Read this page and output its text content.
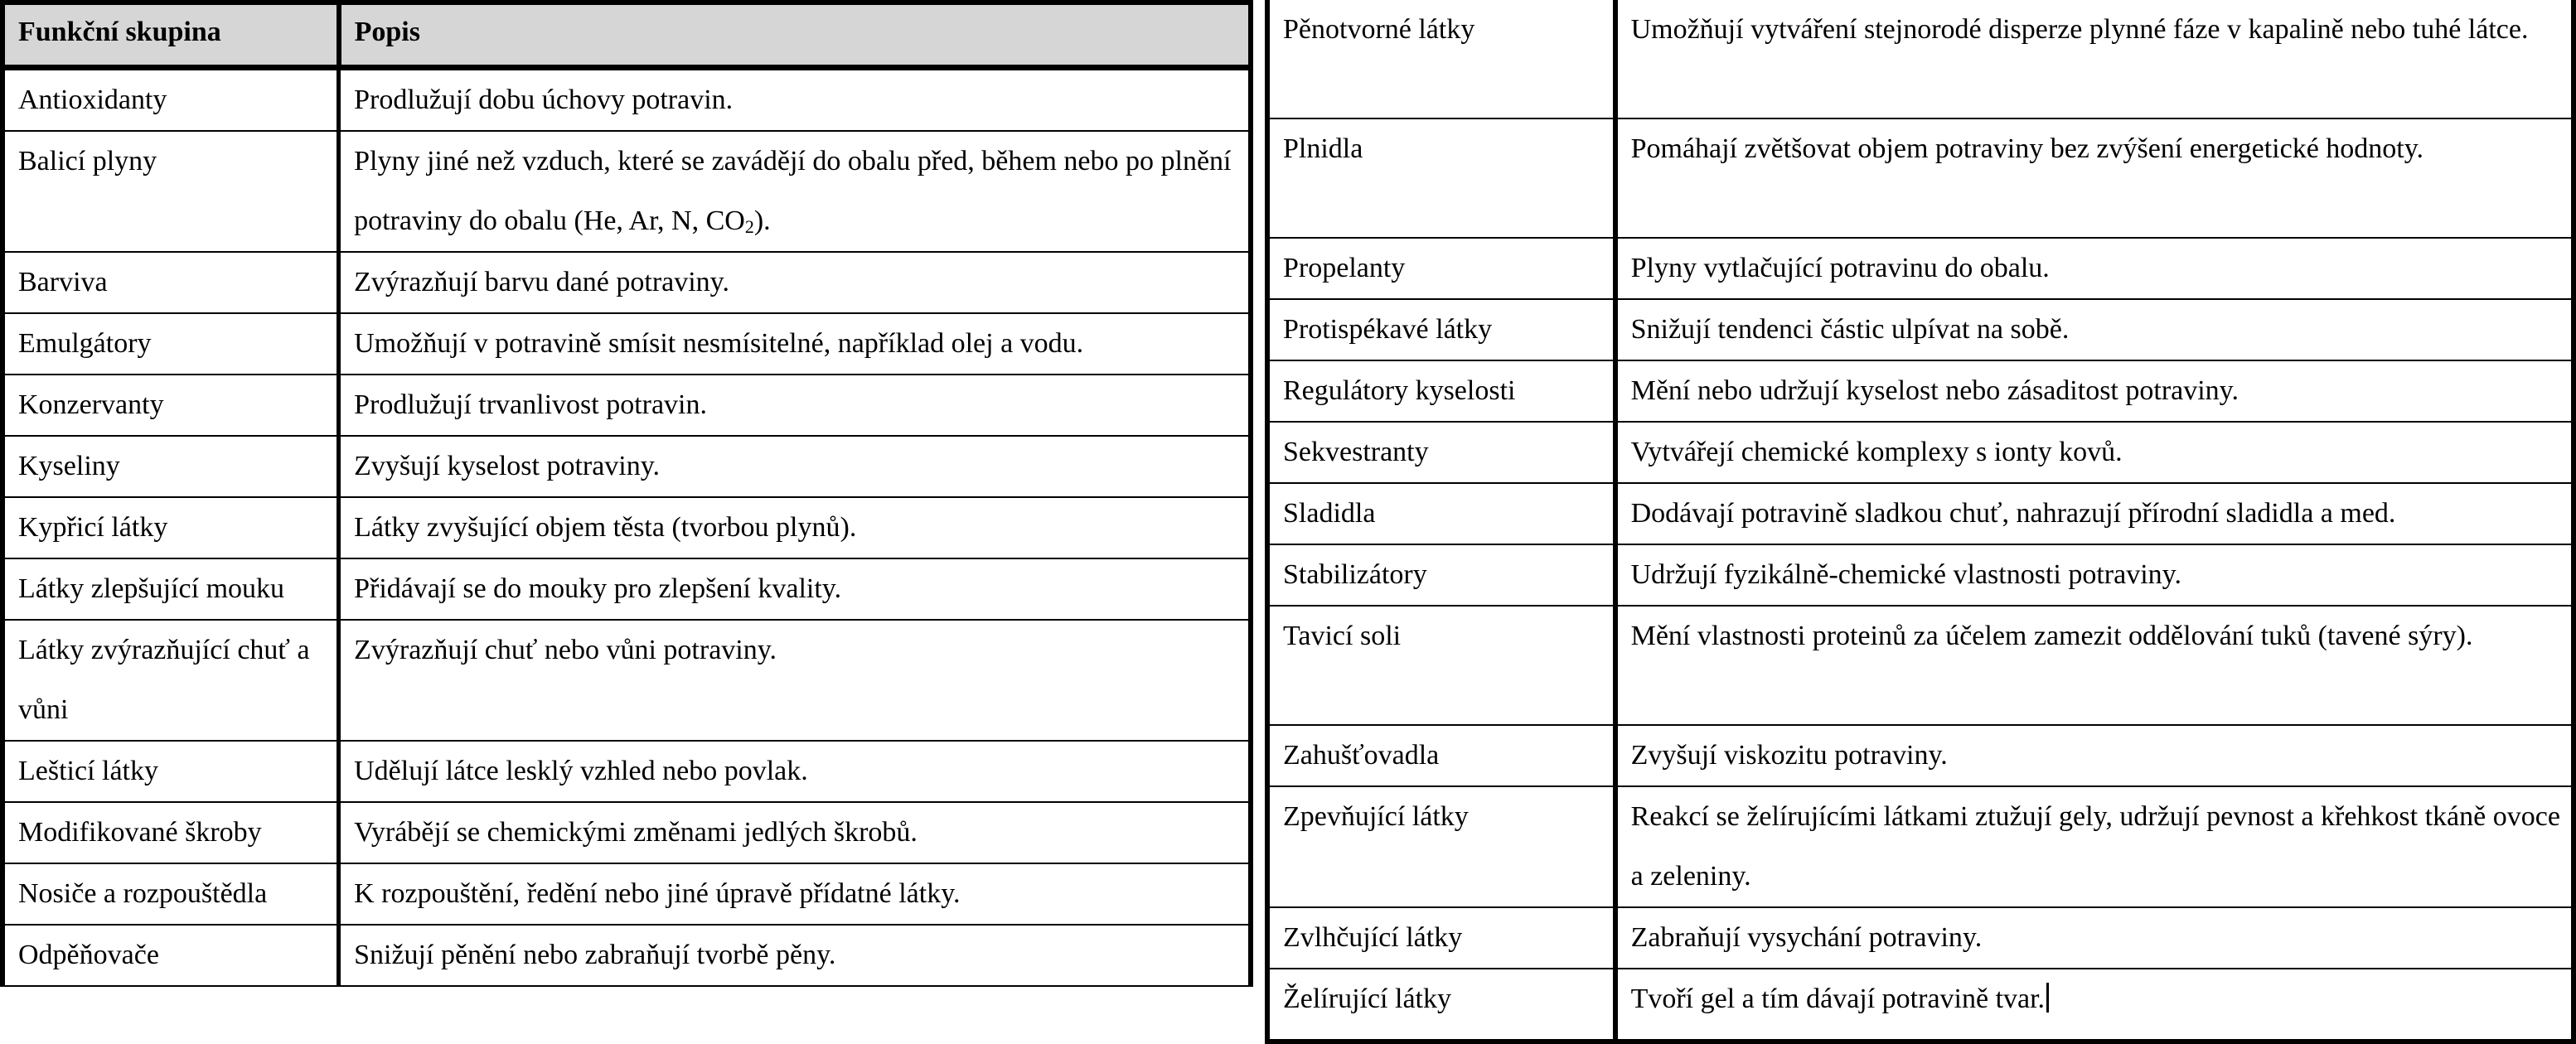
Funkční skupina	Popis
Antioxidanty	Prodlužují dobu úchovy potravin.
Balicí plyny	Plyny jiné než vzduch, které se zavádějí do obalu před, během nebo po plnění potraviny do obalu (He, Ar, N, $CO_2$).
Barviva	Zvýrazňují barvu dané potraviny.
Emulgátory	Umožňují v potravině smísit nesmísitelné, například olej a vodu.
Konzervanty	Prodlužují trvanlivost potravin.
Kyseliny	Zvyšují kyselost potraviny.
Kypřicí látky	Látky zvyšující objem těsta (tvorbou plynů).
Látky zlepšující mouku	Přidávají se do mouky pro zlepšení kvality.
Látky zvýrazňující chuť a vůni	Zvýrazňují chuť nebo vůni potraviny.
Lešticí látky	Udělují látce lesklý vzhled nebo povlak.
Modifikované škroby	Vyrábějí se chemickými změnami jedlých škrobů.
Nosiče a rozpouštědla	K rozpouštění, ředění nebo jiné úpravě přídatné látky.
Odpěňovače	Snižují pěnění nebo zabraňují tvorbě pěny.
Pěnotvorné látky	Umožňují vytváření stejnorodé disperze plynné fáze v kapalině nebo tuhé látce.
Plnidla	Pomáhají zvětšovat objem potraviny bez zvýšení energetické hodnoty.
Propelanty	Plyny vytlačující potravinu do obalu.
Protispékavé látky	Snižují tendenci částic ulpívat na sobě.
Regulátory kyselosti	Mění nebo udržují kyselost nebo zásaditost potraviny.
Sekvestranty	Vytvářejí chemické komplexy s ionty kovů.
Sladidla	Dodávají potravině sladkou chuť, nahrazují přírodní sladidla a med.
Stabilizátory	Udržují fyzikálně-chemické vlastnosti potraviny.
Tavicí soli	Mění vlastnosti proteinů za účelem zamezit oddělování tuků (tavené sýry).
Zahušťovadla	Zvyšují viskozitu potraviny.
Zpevňující látky	Reakcí se želírujícími látkami ztužují gely, udržují pevnost a křehkost tkáně ovoce a zeleniny.
Zvlhčující látky	Zabraňují vysychání potraviny.
Želírující látky	Tvoří gel a tím dávají potravině tvar.
